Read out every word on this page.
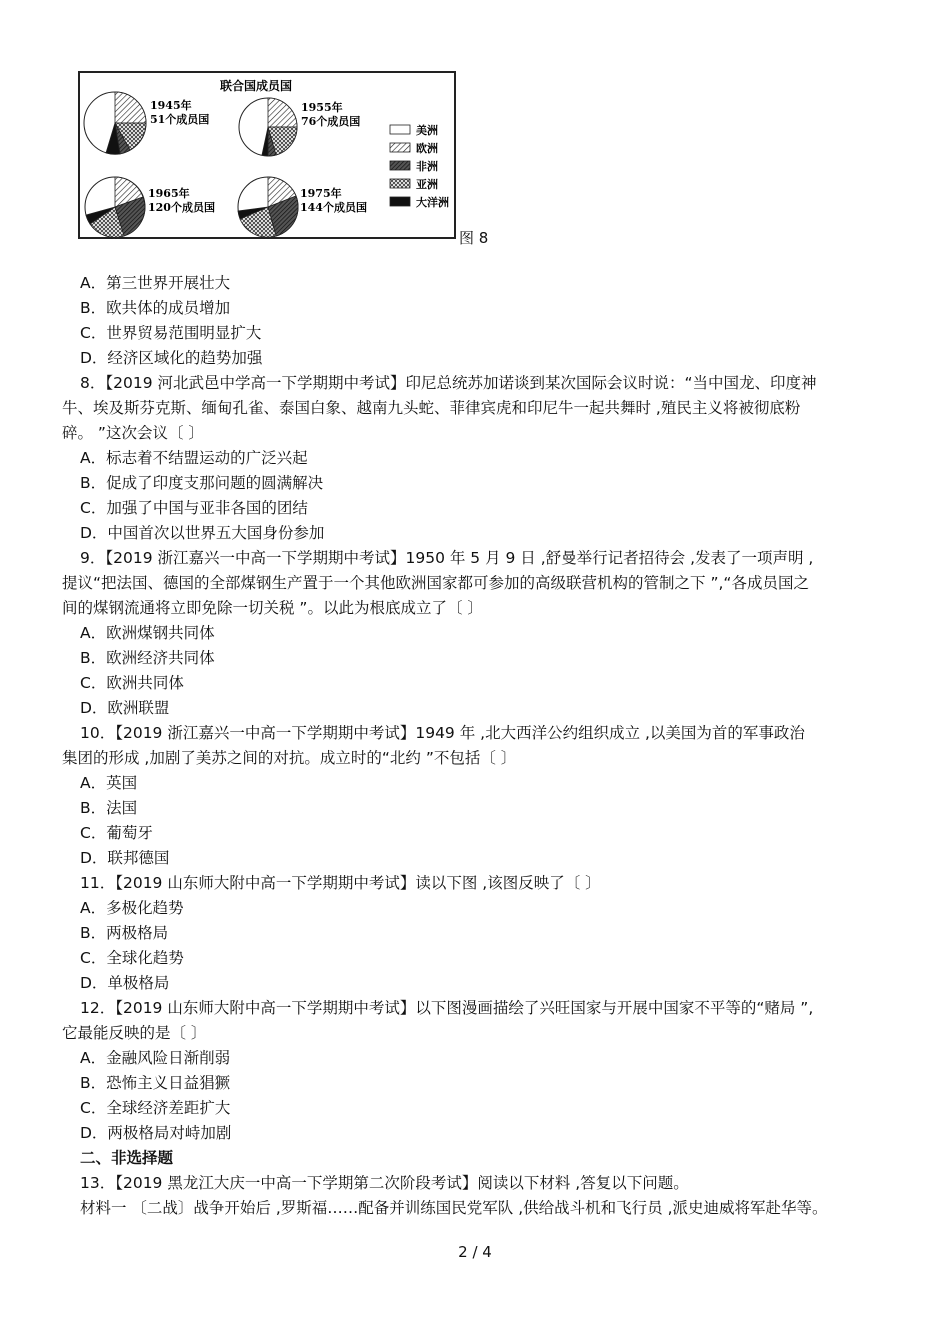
联合国成员国
1945年
51个成员国
1955年
76个成员国
1965年
120个成员国
1975年
144个成员国
美洲
欧洲
非洲
亚洲
大洋洲
图 8
A．第三世界开展壮大
B．欧共体的成员增加
C．世界贸易范围明显扩大
D．经济区域化的趋势加强
8．【2019 河北武邑中学高一下学期期中考试】印尼总统苏加诺谈到某次国际会议时说：“当中国龙、印度神
牛、埃及斯芬克斯、缅甸孔雀、泰国白象、越南九头蛇、菲律宾虎和印尼牛一起共舞时 ,殖民主义将被彻底粉
碎。 ”这次会议〔 〕
A．标志着不结盟运动的广泛兴起
B．促成了印度支那问题的圆满解决
C．加强了中国与亚非各国的团结
D．中国首次以世界五大国身份参加
9．【2019 浙江嘉兴一中高一下学期期中考试】1950 年 5 月 9 日 ,舒曼举行记者招待会 ,发表了一项声明 ,
提议“把法国、德国的全部煤钢生产置于一个其他欧洲国家都可参加的高级联营机构的管制之下 ”,“各成员国之
间的煤钢流通将立即免除一切关税 ”。以此为根底成立了〔 〕
A．欧洲煤钢共同体
B．欧洲经济共同体
C．欧洲共同体
D．欧洲联盟
10．【2019 浙江嘉兴一中高一下学期期中考试】1949 年 ,北大西洋公约组织成立 ,以美国为首的军事政治
集团的形成 ,加剧了美苏之间的对抗。成立时的“北约 ”不包括〔 〕
A．英国
B．法国
C．葡萄牙
D．联邦德国
11．【2019 山东师大附中高一下学期期中考试】读以下图 ,该图反映了〔 〕
A．多极化趋势
B．两极格局
C．全球化趋势
D．单极格局
12．【2019 山东师大附中高一下学期期中考试】以下图漫画描绘了兴旺国家与开展中国家不平等的“赌局 ”,
它最能反映的是〔 〕
A．金融风险日渐削弱
B．恐怖主义日益猖獗
C．全球经济差距扩大
D．两极格局对峙加剧
二、非选择题
13．【2019 黑龙江大庆一中高一下学期第二次阶段考试】阅读以下材料 ,答复以下问题。
材料一 〔二战〕战争开始后 ,罗斯福……配备并训练国民党军队 ,供给战斗机和飞行员 ,派史迪威将军赴华等。
2 / 4
